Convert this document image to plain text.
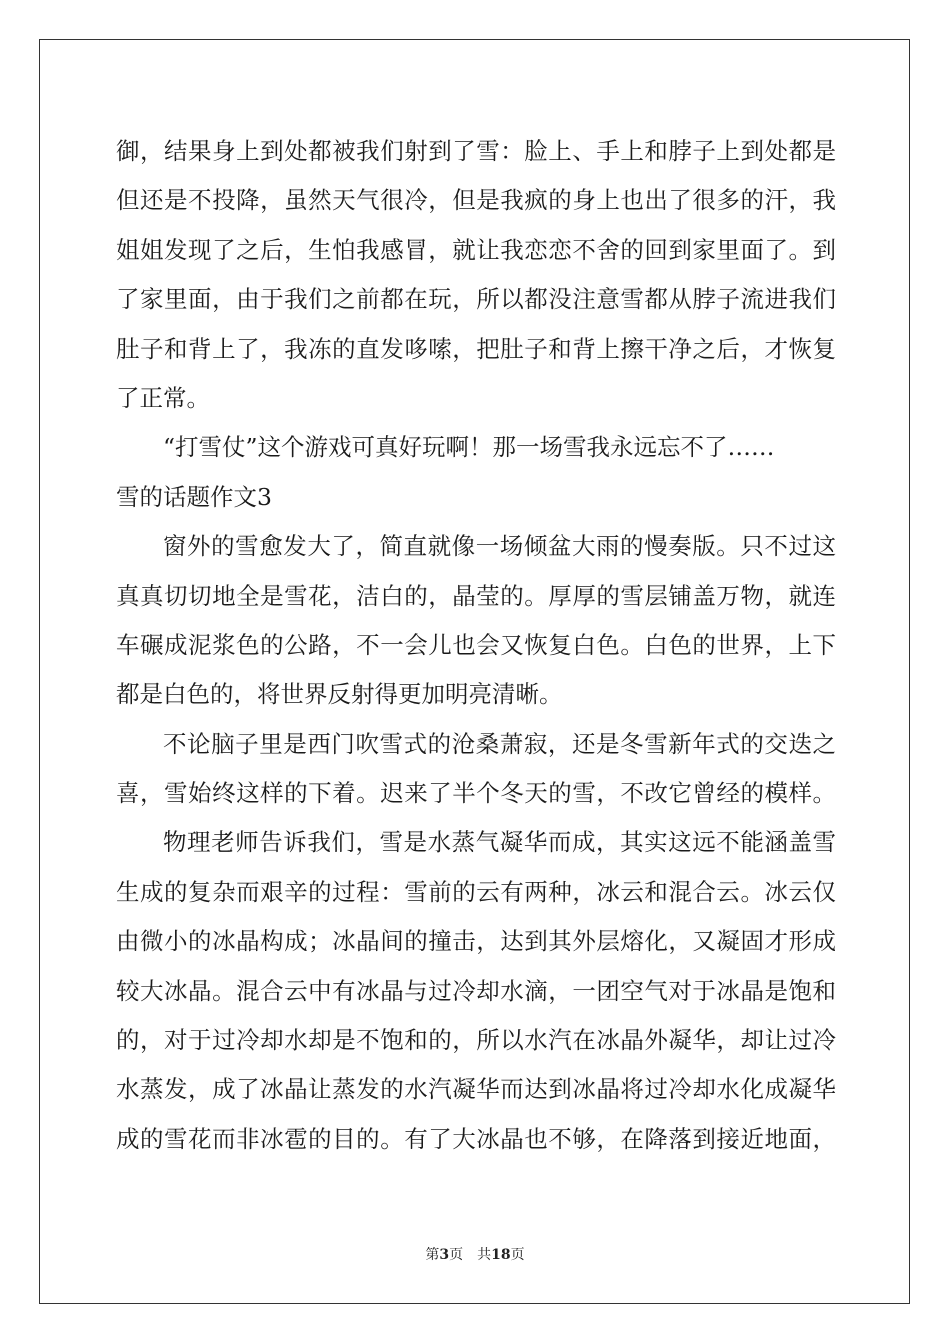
御，结果身上到处都被我们射到了雪：脸上、手上和脖子上到处都是
但还是不投降，虽然天气很冷，但是我疯的身上也出了很多的汗，我
姐姐发现了之后，生怕我感冒，就让我恋恋不舍的回到家里面了。到
了家里面，由于我们之前都在玩，所以都没注意雪都从脖子流进我们
肚子和背上了，我冻的直发哆嗦，把肚子和背上擦干净之后，才恢复
了正常。
“打雪仗”这个游戏可真好玩啊！那一场雪我永远忘不了……
雪的话题作文3
窗外的雪愈发大了，简直就像一场倾盆大雨的慢奏版。只不过这
真真切切地全是雪花，洁白的，晶莹的。厚厚的雪层铺盖万物，就连
车碾成泥浆色的公路，不一会儿也会又恢复白色。白色的世界，上下
都是白色的，将世界反射得更加明亮清晰。
不论脑子里是西门吹雪式的沧桑萧寂，还是冬雪新年式的交迭之
喜，雪始终这样的下着。迟来了半个冬天的雪，不改它曾经的模样。
物理老师告诉我们，雪是水蒸气凝华而成，其实这远不能涵盖雪
生成的复杂而艰辛的过程：雪前的云有两种，冰云和混合云。冰云仅
由微小的冰晶构成；冰晶间的撞击，达到其外层熔化，又凝固才形成
较大冰晶。混合云中有冰晶与过冷却水滴，一团空气对于冰晶是饱和
的，对于过冷却水却是不饱和的，所以水汽在冰晶外凝华，却让过冷
水蒸发，成了冰晶让蒸发的水汽凝华而达到冰晶将过冷却水化成凝华
成的雪花而非冰雹的目的。有了大冰晶也不够，在降落到接近地面，
第3页 共18页
